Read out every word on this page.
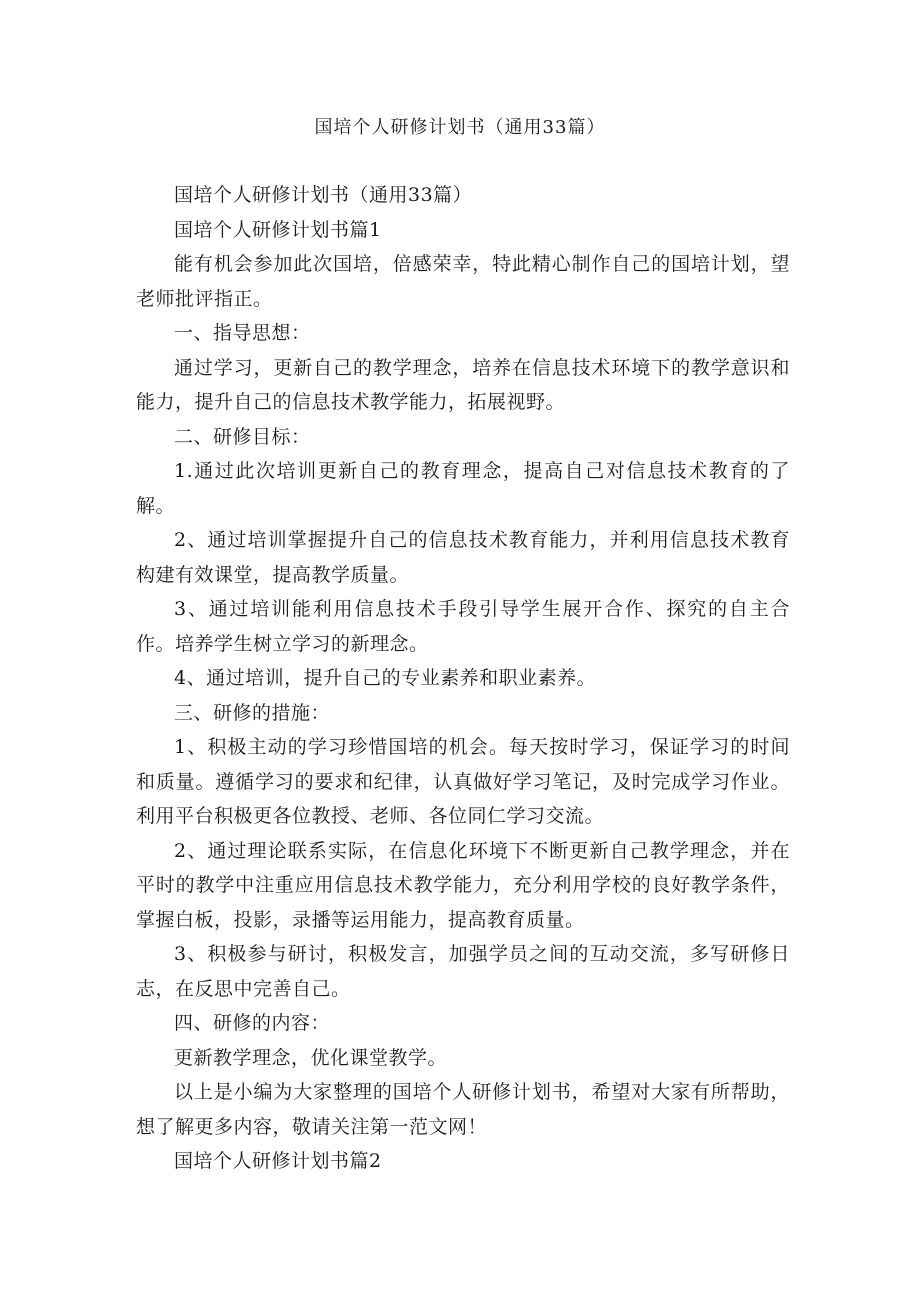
国培个人研修计划书（通用33篇）

国培个人研修计划书（通用33篇）

国培个人研修计划书篇1

能有机会参加此次国培，倍感荣幸，特此精心制作自己的国培计划，望老师批评指正。

一、指导思想：

通过学习，更新自己的教学理念，培养在信息技术环境下的教学意识和能力，提升自己的信息技术教学能力，拓展视野。

二、研修目标：

1.通过此次培训更新自己的教育理念，提高自己对信息技术教育的了解。

2、通过培训掌握提升自己的信息技术教育能力，并利用信息技术教育构建有效课堂，提高教学质量。

3、通过培训能利用信息技术手段引导学生展开合作、探究的自主合作。培养学生树立学习的新理念。

4、通过培训，提升自己的专业素养和职业素养。

三、研修的措施：

1、积极主动的学习珍惜国培的机会。每天按时学习，保证学习的时间和质量。遵循学习的要求和纪律，认真做好学习笔记，及时完成学习作业。利用平台积极更各位教授、老师、各位同仁学习交流。

2、通过理论联系实际，在信息化环境下不断更新自己教学理念，并在平时的教学中注重应用信息技术教学能力，充分利用学校的良好教学条件，掌握白板，投影，录播等运用能力，提高教育质量。

3、积极参与研讨，积极发言，加强学员之间的互动交流，多写研修日志，在反思中完善自己。

四、研修的内容：

更新教学理念，优化课堂教学。

以上是小编为大家整理的国培个人研修计划书，希望对大家有所帮助，想了解更多内容，敬请关注第一范文网！

国培个人研修计划书篇2
